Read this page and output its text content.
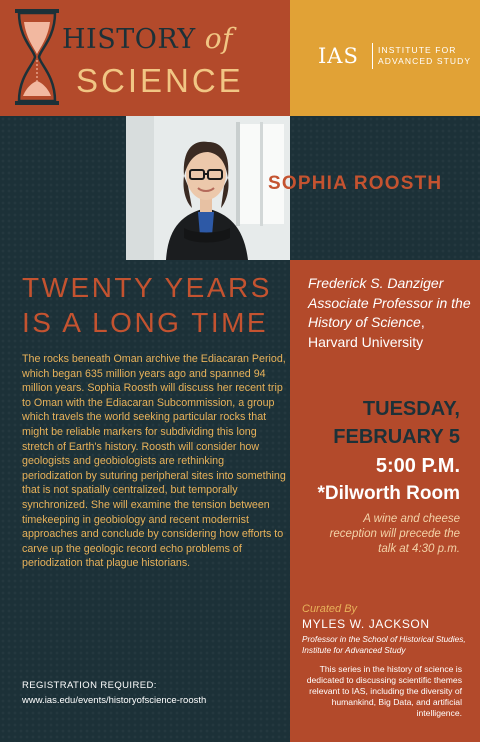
HISTORY of
SCIENCE
IAS INSTITUTE FOR
ADVANCED STUDY
SOPHIA ROOSTH
TWENTY YEARS
IS A LONG TIME

The rocks beneath Oman archive the Ediacaran Period, which began 635 million years ago and spanned 94 million years. Sophia Roosth will discuss her recent trip to Oman with the Ediacaran Subcommission, a group which travels the world seeking particular rocks that might be reliable markers for subdividing this long stretch of Earth's history. Roosth will consider how geologists and geobiologists are rethinking periodization by suturing peripheral sites into something that is not spatially centralized, but temporally synchronized. She will examine the tension between timekeeping in geobiology and recent modernist approaches and conclude by considering how efforts to carve up the geologic record echo problems of periodization that plague historians.

REGISTRATION REQUIRED:
www.ias.edu/events/historyofscience-roosth
Frederick S. Danziger Associate Professor in the History of Science, Harvard University
TUESDAY,
FEBRUARY 5
5:00 P.M.
*Dilworth Room

A wine and cheese reception will precede the talk at 4:30 p.m.

Curated By
MYLES W. JACKSON

Professor in the School of Historical Studies, Institute for Advanced Study

This series in the history of science is dedicated to discussing scientific themes relevant to IAS, including the diversity of humankind, Big Data, and artificial intelligence.
